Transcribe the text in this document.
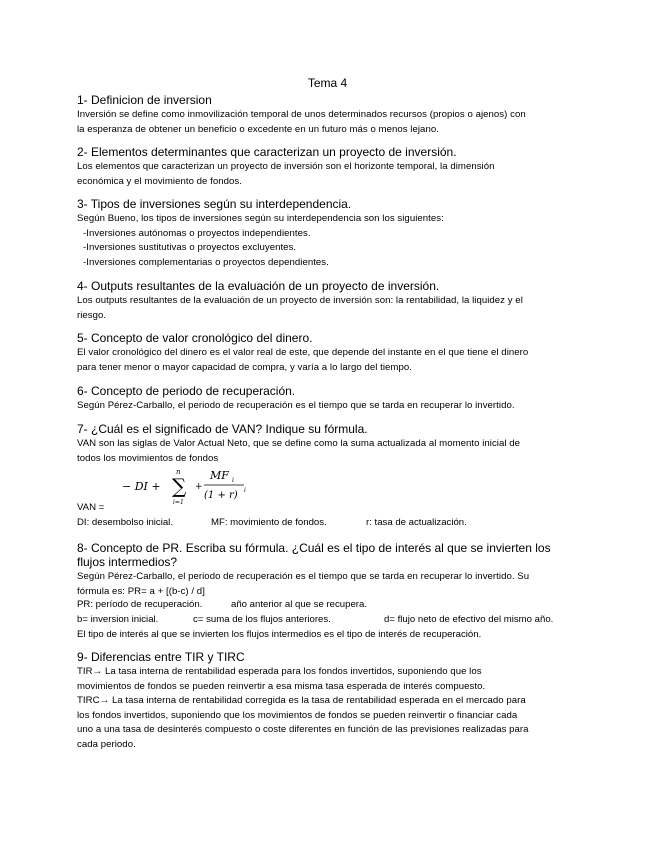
Tema 4
1- Definicion de inversion
Inversión se define como inmovilización temporal de unos determinados recursos (propios o ajenos) con
la esperanza de obtener un beneficio o excedente en un futuro más o menos lejano.
2- Elementos determinantes que caracterizan un proyecto de inversión.
Los elementos que caracterizan un proyecto de inversión son el horizonte temporal, la dimensión
económica y el movimiento de fondos.
3- Tipos de inversiones según su interdependencia.
Según Bueno, los tipos de inversiones según su interdependencia son los siguientes:
-Inversiones autónomas o proyectos independientes.
-Inversiones sustitutivas o proyectos excluyentes.
-Inversiones complementarias o proyectos dependientes.
4- Outputs resultantes de la evaluación de un proyecto de inversión.
Los outputs resultantes de la evaluación de un proyecto de inversión son: la rentabilidad, la liquidez y el
riesgo.
5- Concepto de valor cronológico del dinero.
El valor cronológico del dinero es el valor real de este, que depende del instante en el que tiene el dinero
para tener menor o mayor capacidad de compra, y varía a lo largo del tiempo.
6- Concepto de periodo de recuperación.
Según Pérez-Carballo, el periodo de recuperación es el tiempo que se tarda en recuperar lo invertido.
7- ¿Cuál es el significado de VAN? Indique su fórmula.
VAN son las siglas de Valor Actual Neto, que se define como la suma actualizada al momento inicial de
todos los movimientos de fondos
− DI + ∑
n
i=1
+
MF i
(1 + r) i
VAN =
DI: desembolso inicial.	MF: movimiento de fondos.	r: tasa de actualización.
8- Concepto de PR. Escriba su fórmula. ¿Cuál es el tipo de interés al que se invierten los flujos intermedios?
Según Pérez-Carballo, el periodo de recuperación es el tiempo que se tarda en recuperar lo invertido. Su
fórmula es: PR= a + [(b-c) / d]
PR: período de recuperación.	año anterior al que se recupera.
b= inversion inicial.	c= suma de los flujos anteriores.	d= flujo neto de efectivo del mismo año.
El tipo de interés al que se invierten los flujos intermedios es el tipo de interés de recuperación.
9- Diferencias entre TIR y TIRC
TIR→ La tasa interna de rentabilidad esperada para los fondos invertidos, suponiendo que los
movimientos de fondos se pueden reinvertir a esa misma tasa esperada de interés compuesto.
TIRC→ La tasa interna de rentabilidad corregida es la tasa de rentabilidad esperada en el mercado para
los fondos invertidos, suponiendo que los movimientos de fondos se pueden reinvertir o financiar cada
uno a una tasa de desinterés compuesto o coste diferentes en función de las previsiones realizadas para
cada periodo.
